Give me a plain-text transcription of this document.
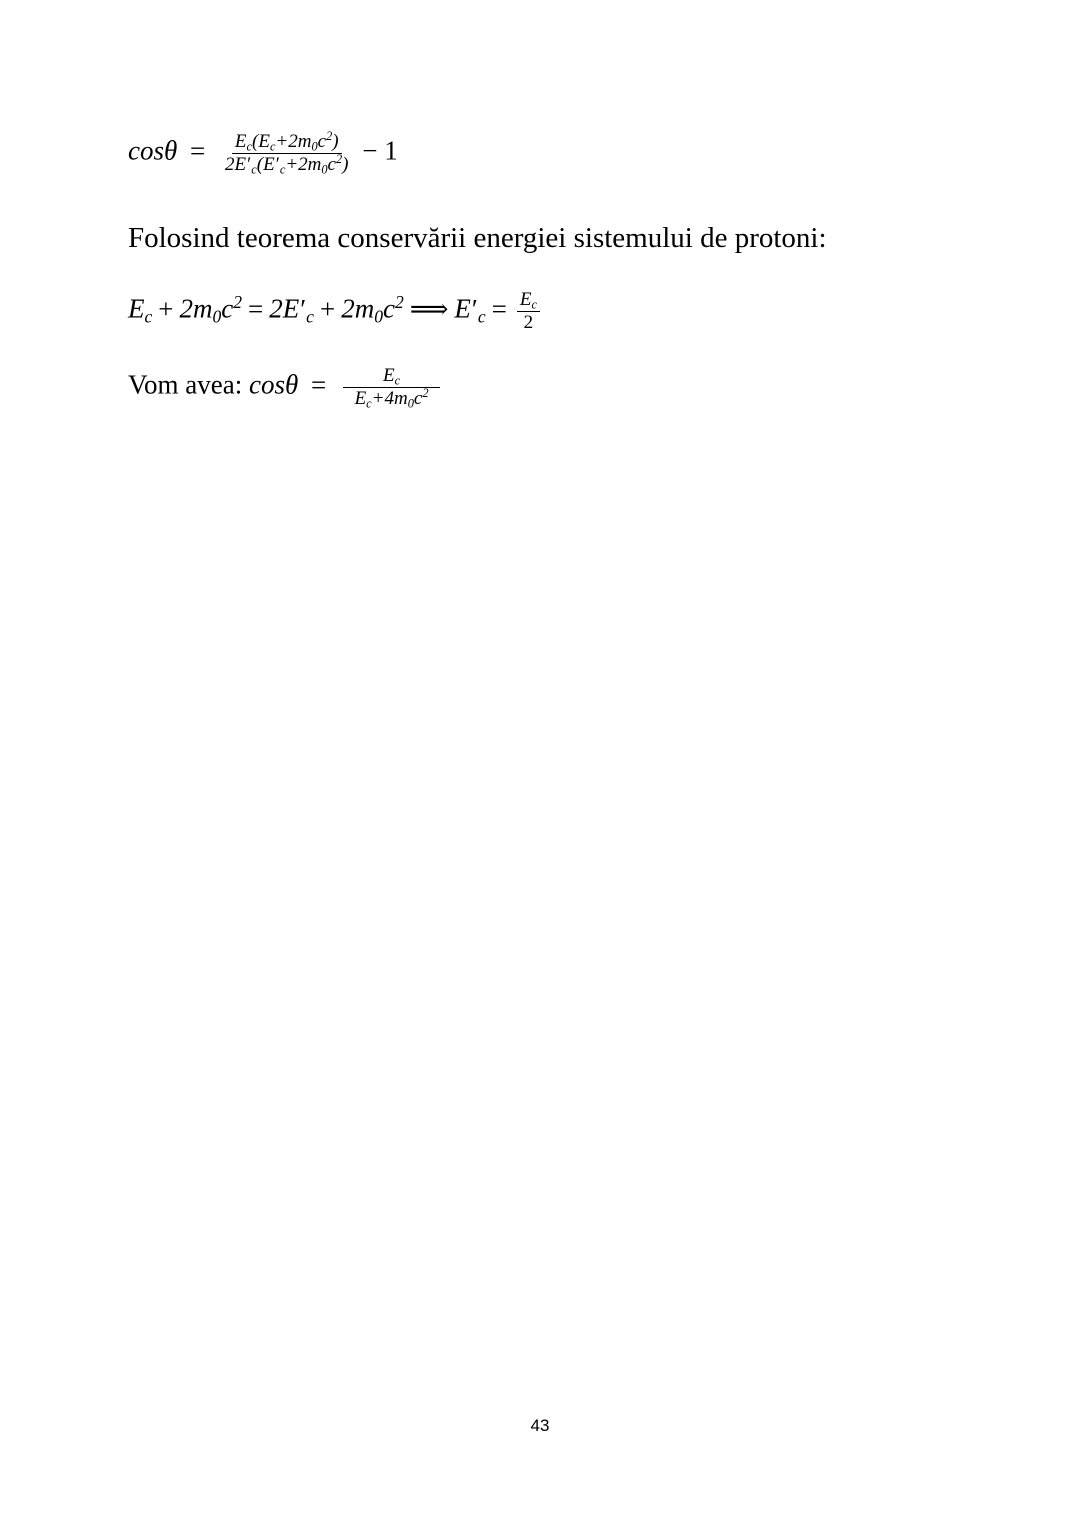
$\cos\theta = \frac{E_c(E_c+2m_0c^2)}{2E'_c(E'_c+2m_0c^2)} - 1$
Folosind teorema conservării energiei sistemului de protoni:
$E_c + 2m_0c^2 = 2E'_c + 2m_0c^2$ ⟹ $E'_c = \frac{E_c}{2}$
Vom avea: $\cos\theta = \frac{E_c}{E_c+4m_0c^2}$
43
